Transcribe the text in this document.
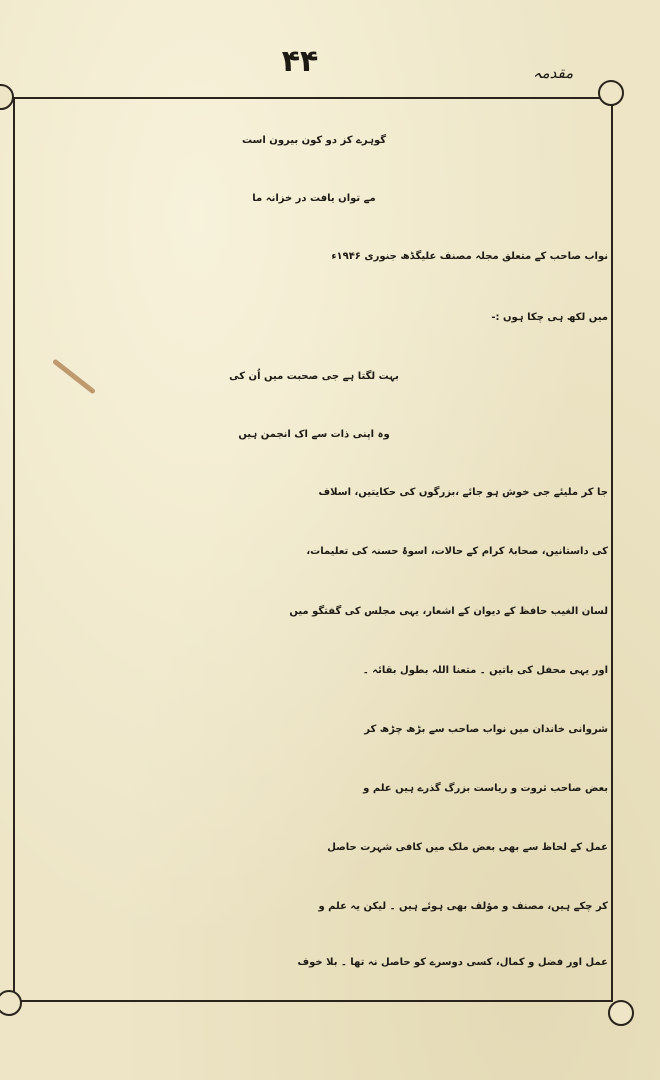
۴۴	مقدمہ
گوہرے کز دو کون بیرون است
مے تواں یافت در خزانہ ما
نواب صاحب کے متعلق مجلہ مصنف علیگڈھ جنوری ۱۹۴۶ء
میں لکھ ہی چکا ہوں :-
بہت لگتا ہے جی صحبت میں اُن کی
وہ اپنی ذات سے اک انجمن ہیں
جا کر ملیئے جی خوش ہو جائے ،بزرگوں کی حکایتیں، اسلاف
کی داستانیں، صحابۂ کرام کے حالات، اسوۂ حسنہ کی تعلیمات،
لسان الغیب حافظ کے دیوان کے اشعار، یہی مجلس کی گفتگو میں
اور یہی محفل کی باتیں ۔ متعنا اللہ بطول بقائہ ۔
شروانی خاندان میں نواب صاحب سے بڑھ چڑھ کر
بعض صاحب ثروت و ریاست بزرگ گذرے ہیں علم و
عمل کے لحاظ سے بھی بعض ملک میں کافی شہرت حاصل
کر چکے ہیں، مصنف و مؤلف بھی ہوئے ہیں ۔ لیکن یہ علم و
عمل اور فضل و کمال، کسی دوسرے کو حاصل نہ تھا ۔ بلا خوف
